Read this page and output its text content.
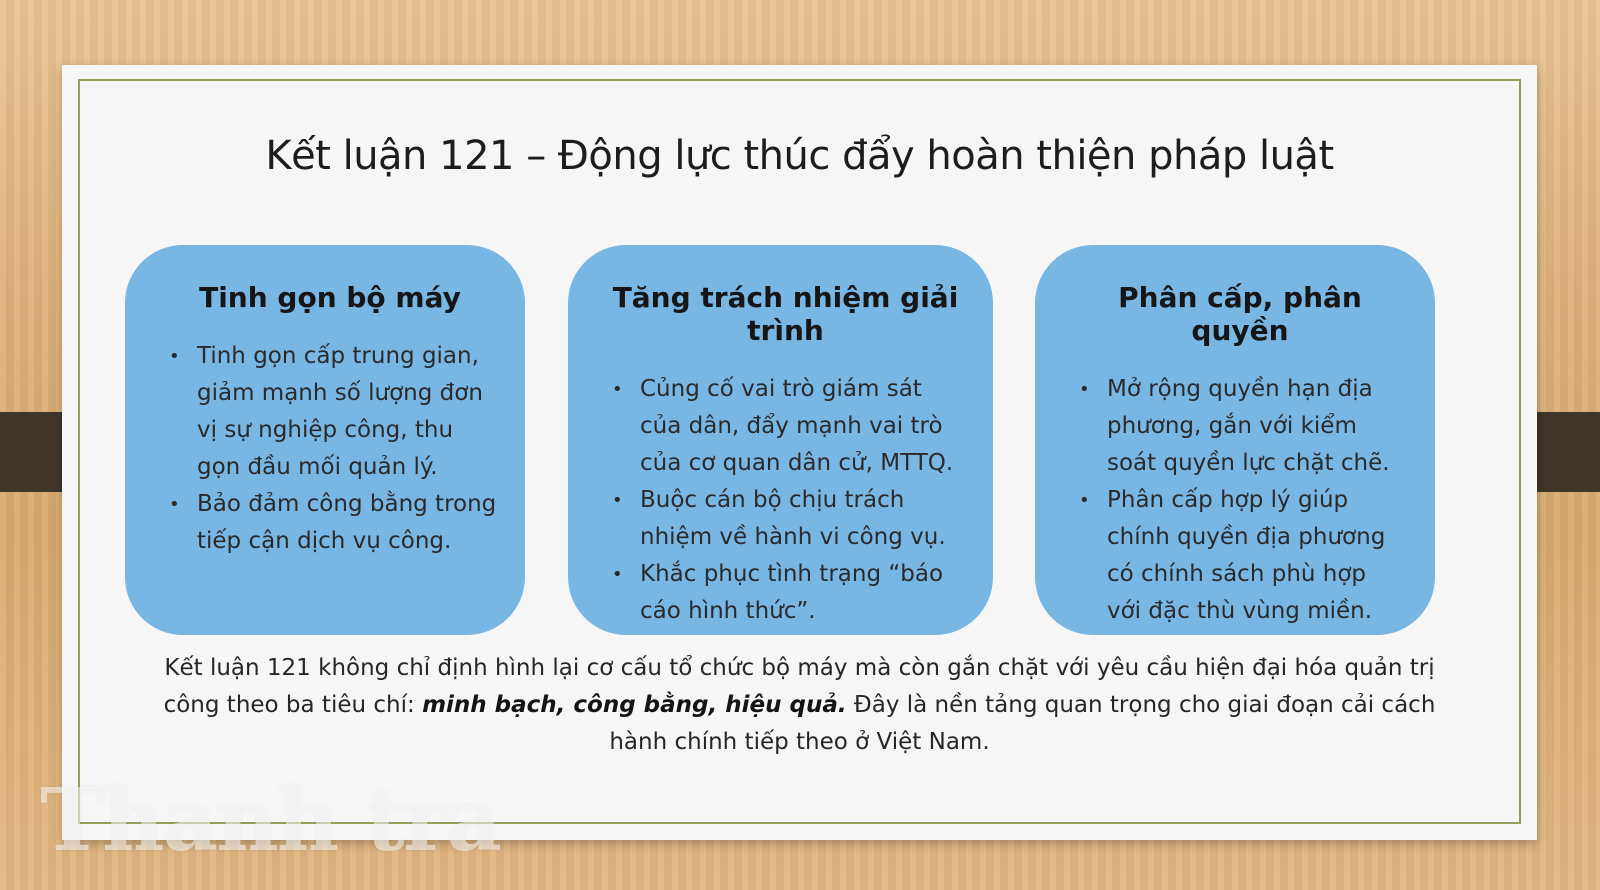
Kết luận 121 – Động lực thúc đẩy hoàn thiện pháp luật
Tinh gọn bộ máy
• Tinh gọn cấp trung gian, giảm mạnh số lượng đơn vị sự nghiệp công, thu gọn đầu mối quản lý.
• Bảo đảm công bằng trong tiếp cận dịch vụ công.
Tăng trách nhiệm giải trình
• Củng cố vai trò giám sát của dân, đẩy mạnh vai trò của cơ quan dân cử, MTTQ.
• Buộc cán bộ chịu trách nhiệm về hành vi công vụ.
• Khắc phục tình trạng “báo cáo hình thức”.
Phân cấp, phân quyền
• Mở rộng quyền hạn địa phương, gắn với kiểm soát quyền lực chặt chẽ.
• Phân cấp hợp lý giúp chính quyền địa phương có chính sách phù hợp với đặc thù vùng miền.
Kết luận 121 không chỉ định hình lại cơ cấu tổ chức bộ máy mà còn gắn chặt với yêu cầu hiện đại hóa quản trị công theo ba tiêu chí: minh bạch, công bằng, hiệu quả. Đây là nền tảng quan trọng cho giai đoạn cải cách hành chính tiếp theo ở Việt Nam.
Thanh tra
